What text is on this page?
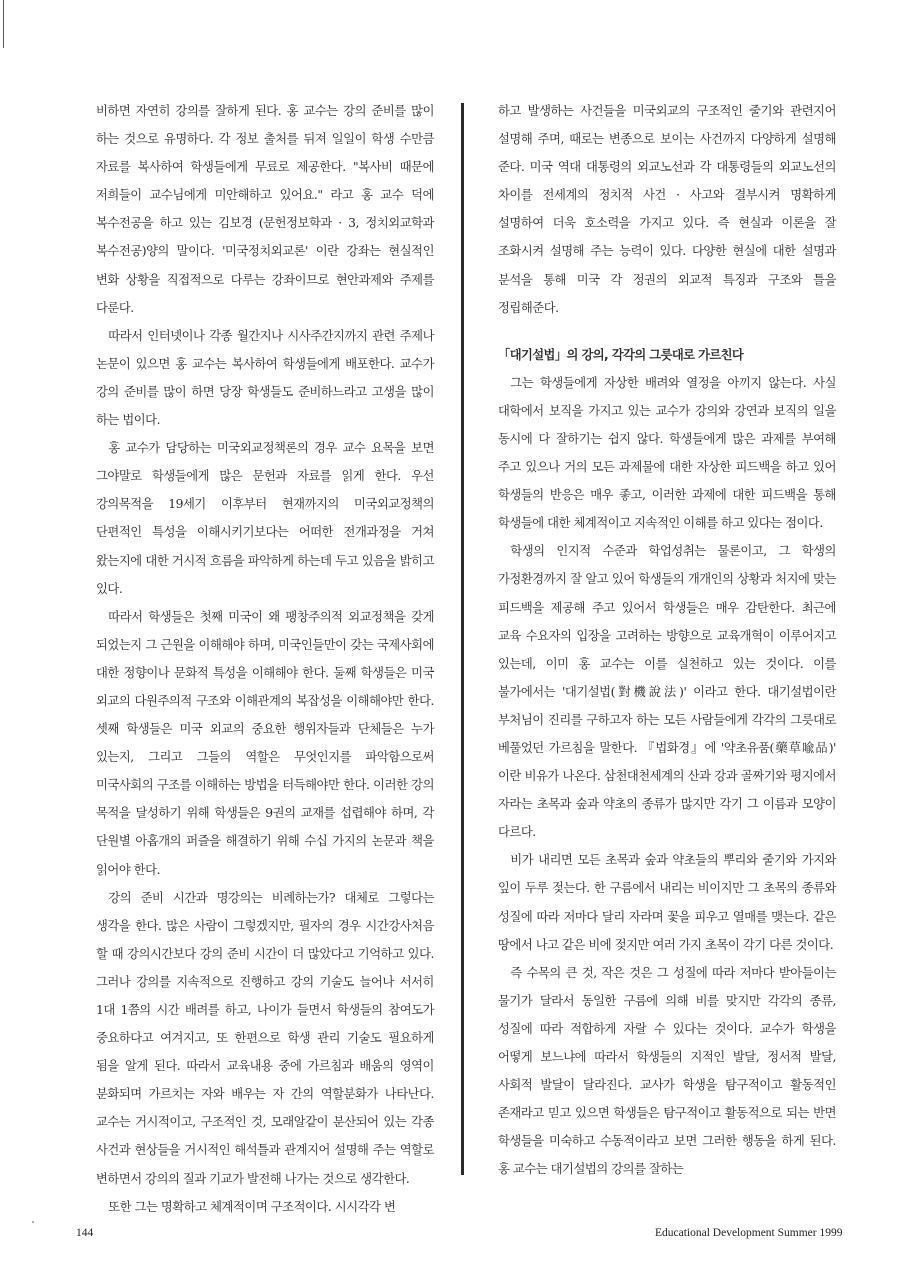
비하면 자연히 강의를 잘하게 된다. 홍 교수는 강의 준비를 많이 하는 것으로 유명하다. 각 정보 출처를 뒤져 일일이 학생 수만큼 자료를 복사하여 학생들에게 무료로 제공한다. "복사비 때문에 저희들이 교수님에게 미안해하고 있어요." 라고 홍 교수 덕에 복수전공을 하고 있는 김보경 (문헌정보학과 · 3, 정치외교학과 복수전공)양의 말이다. '미국정치외교론' 이란 강좌는 현실적인 변화 상황을 직접적으로 다루는 강좌이므로 현안과제와 주제를 다룬다.

따라서 인터넷이나 각종 월간지나 시사주간지까지 관련 주제나 논문이 있으면 홍 교수는 복사하여 학생들에게 배포한다. 교수가 강의 준비를 많이 하면 당장 학생들도 준비하느라고 고생을 많이 하는 법이다.

홍 교수가 담당하는 미국외교정책론의 경우 교수 요목을 보면 그야말로 학생들에게 많은 문헌과 자료를 읽게 한다. 우선 강의목적을 19세기 이후부터 현재까지의 미국외교정책의 단편적인 특성을 이해시키기보다는 어떠한 전개과정을 거쳐 왔는지에 대한 거시적 흐름을 파악하게 하는데 두고 있음을 밝히고 있다.

따라서 학생들은 첫째 미국이 왜 팽창주의적 외교정책을 갖게 되었는지 그 근원을 이해해야 하며, 미국인들만이 갖는 국제사회에 대한 정향이나 문화적 특성을 이해해야 한다. 둘째 학생들은 미국 외교의 다원주의적 구조와 이해관계의 복잡성을 이해해야만 한다. 셋째 학생들은 미국 외교의 중요한 행위자들과 단체들은 누가 있는지, 그리고 그들의 역할은 무엇인지를 파악함으로써 미국사회의 구조를 이해하는 방법을 터득해야만 한다. 이러한 강의 목적을 달성하기 위해 학생들은 9권의 교재를 섭렵해야 하며, 각 단원별 아홉개의 퍼즐을 해결하기 위해 수십 가지의 논문과 책을 읽어야 한다.

강의 준비 시간과 명강의는 비례하는가? 대체로 그렇다는 생각을 한다. 많은 사람이 그렇겠지만, 필자의 경우 시간강사처음 할 때 강의시간보다 강의 준비 시간이 더 많았다고 기억하고 있다. 그러나 강의를 지속적으로 진행하고 강의 기술도 늘어나 서서히 1대 1쯤의 시간 배려를 하고, 나이가 들면서 학생들의 참여도가 중요하다고 여겨지고, 또 한편으로 학생 관리 기술도 필요하게 됨을 알게 된다. 따라서 교육내용 중에 가르침과 배움의 영역이 분화되며 가르치는 자와 배우는 자 간의 역할분화가 나타난다. 교수는 거시적이고, 구조적인 것, 모래알같이 분산되어 있는 각종 사건과 현상들을 거시적인 해석틀과 관계지어 설명해 주는 역할로 변하면서 강의의 질과 기교가 발전해 나가는 것으로 생각한다.

또한 그는 명확하고 체계적이며 구조적이다. 시시각각 변

하고 발생하는 사건들을 미국외교의 구조적인 줄기와 관련지어 설명해 주며, 때로는 변종으로 보이는 사건까지 다양하게 설명해 준다. 미국 역대 대통령의 외교노선과 각 대통령들의 외교노선의 차이를 전세계의 정치적 사건 · 사고와 결부시켜 명확하게 설명하여 더욱 호소력을 가지고 있다. 즉 현실과 이론을 잘 조화시켜 설명해 주는 능력이 있다. 다양한 현실에 대한 설명과 분석을 통해 미국 각 정권의 외교적 특징과 구조와 틀을 정립해준다.

「대기설법」의 강의, 각각의 그릇대로 가르친다

그는 학생들에게 자상한 배려와 열정을 아끼지 않는다. 사실 대학에서 보직을 가지고 있는 교수가 강의와 강연과 보직의 일을 동시에 다 잘하기는 쉽지 않다. 학생들에게 많은 과제를 부여해 주고 있으나 거의 모든 과제물에 대한 자상한 피드백을 하고 있어 학생들의 반응은 매우 좋고, 이러한 과제에 대한 피드백을 통해 학생들에 대한 체계적이고 지속적인 이해를 하고 있다는 점이다.

학생의 인지적 수준과 학업성취는 물론이고, 그 학생의 가정환경까지 잘 알고 있어 학생들의 개개인의 상황과 처지에 맞는 피드백을 제공해 주고 있어서 학생들은 매우 감탄한다. 최근에 교육 수요자의 입장을 고려하는 방향으로 교육개혁이 이루어지고 있는데, 이미 홍 교수는 이를 실천하고 있는 것이다. 이를 불가에서는 '대기설법(對機說法)' 이라고 한다. 대기설법이란 부처님이 진리를 구하고자 하는 모든 사람들에게 각각의 그릇대로 베풀었던 가르침을 말한다. 『법화경』에 '약초유품(藥草喩品)' 이란 비유가 나온다. 삼천대천세계의 산과 강과 골짜기와 평지에서 자라는 초목과 숲과 약초의 종류가 많지만 각기 그 이름과 모양이 다르다.

비가 내리면 모든 초목과 숲과 약초들의 뿌리와 줄기와 가지와 잎이 두루 젖는다. 한 구름에서 내리는 비이지만 그 초목의 종류와 성질에 따라 저마다 달리 자라며 꽃을 피우고 열매를 맺는다. 같은 땅에서 나고 같은 비에 젖지만 여러 가지 초목이 각기 다른 것이다.

즉 수목의 큰 것, 작은 것은 그 성질에 따라 저마다 받아들이는 물기가 달라서 동일한 구름에 의해 비를 맞지만 각각의 종류, 성질에 따라 적합하게 자랄 수 있다는 것이다. 교수가 학생을 어떻게 보느냐에 따라서 학생들의 지적인 발달, 정서적 발달, 사회적 발달이 달라진다. 교사가 학생을 탐구적이고 활동적인 존재라고 믿고 있으면 학생들은 탐구적이고 활동적으로 되는 반면 학생들을 미숙하고 수동적이라고 보면 그러한 행동을 하게 된다. 홍 교수는 대기설법의 강의를 잘하는

144	Educational Development Summer 1999
